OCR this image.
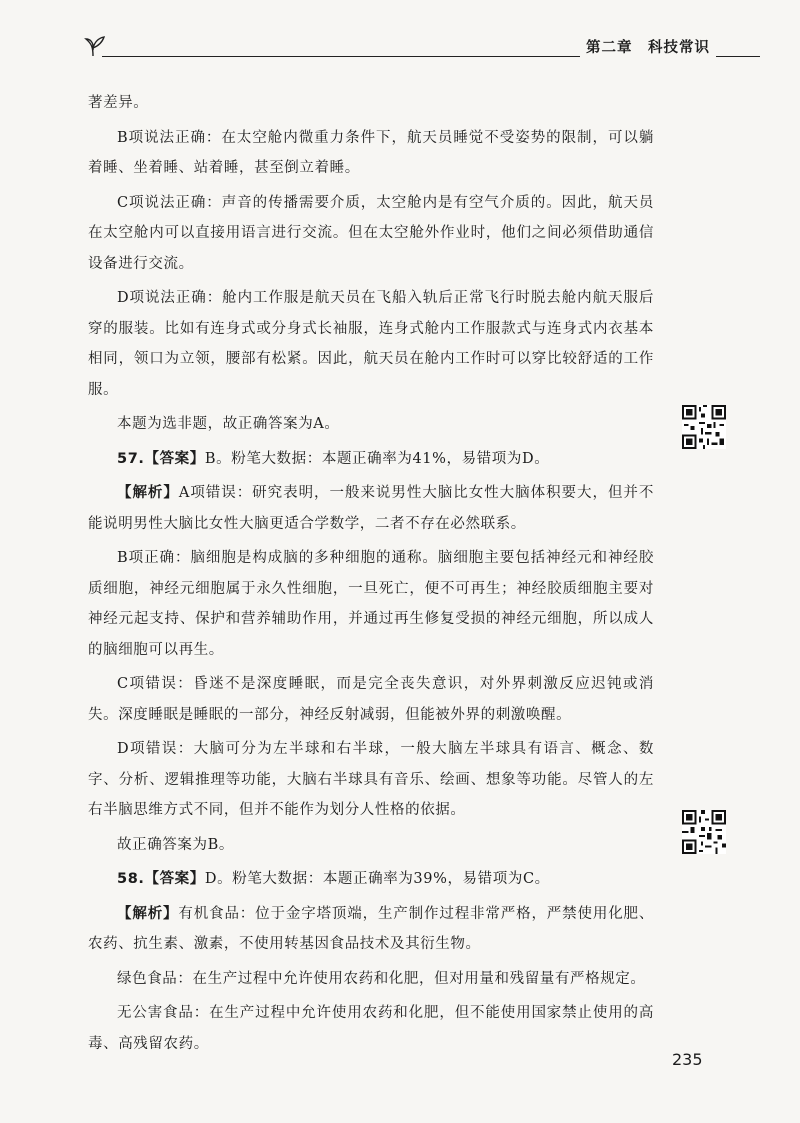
第二章　科技常识

著差异。

B项说法正确：在太空舱内微重力条件下，航天员睡觉不受姿势的限制，可以躺着睡、坐着睡、站着睡，甚至倒立着睡。

C项说法正确：声音的传播需要介质，太空舱内是有空气介质的。因此，航天员在太空舱内可以直接用语言进行交流。但在太空舱外作业时，他们之间必须借助通信设备进行交流。

D项说法正确：舱内工作服是航天员在飞船入轨后正常飞行时脱去舱内航天服后穿的服装。比如有连身式或分身式长袖服，连身式舱内工作服款式与连身式内衣基本相同，领口为立领，腰部有松紧。因此，航天员在舱内工作时可以穿比较舒适的工作服。

本题为选非题，故正确答案为A。

57.【答案】B。粉笔大数据：本题正确率为41%，易错项为D。

【解析】A项错误：研究表明，一般来说男性大脑比女性大脑体积要大，但并不能说明男性大脑比女性大脑更适合学数学，二者不存在必然联系。

B项正确：脑细胞是构成脑的多种细胞的通称。脑细胞主要包括神经元和神经胶质细胞，神经元细胞属于永久性细胞，一旦死亡，便不可再生；神经胶质细胞主要对神经元起支持、保护和营养辅助作用，并通过再生修复受损的神经元细胞，所以成人的脑细胞可以再生。

C项错误：昏迷不是深度睡眠，而是完全丧失意识，对外界刺激反应迟钝或消失。深度睡眠是睡眠的一部分，神经反射减弱，但能被外界的刺激唤醒。

D项错误：大脑可分为左半球和右半球，一般大脑左半球具有语言、概念、数字、分析、逻辑推理等功能，大脑右半球具有音乐、绘画、想象等功能。尽管人的左右半脑思维方式不同，但并不能作为划分人性格的依据。

故正确答案为B。

58.【答案】D。粉笔大数据：本题正确率为39%，易错项为C。

【解析】有机食品：位于金字塔顶端，生产制作过程非常严格，严禁使用化肥、农药、抗生素、激素，不使用转基因食品技术及其衍生物。

绿色食品：在生产过程中允许使用农药和化肥，但对用量和残留量有严格规定。

无公害食品：在生产过程中允许使用农药和化肥，但不能使用国家禁止使用的高毒、高残留农药。

235
